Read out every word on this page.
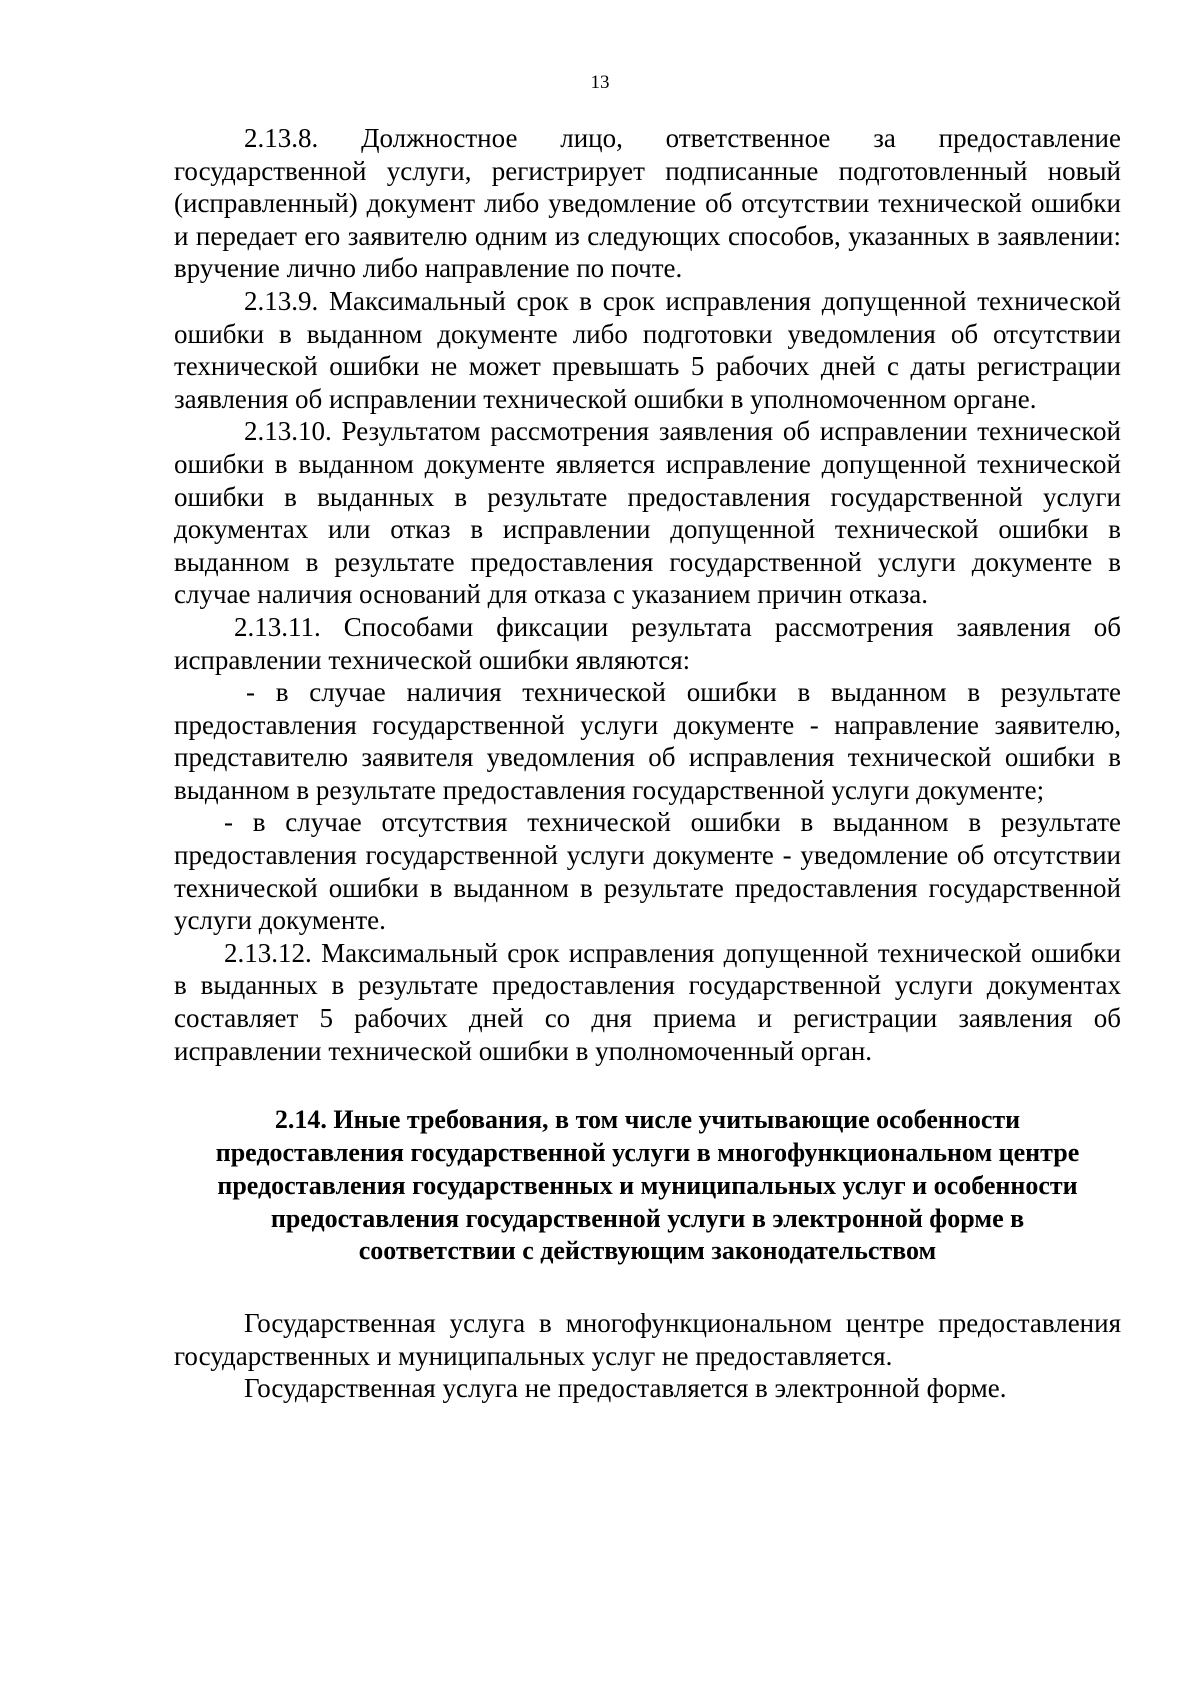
13

2.13.8. Должностное лицо, ответственное за предоставление государственной услуги, регистрирует подписанные подготовленный новый (исправленный) документ либо уведомление об отсутствии технической ошибки и передает его заявителю одним из следующих способов, указанных в заявлении: вручение лично либо направление по почте.

2.13.9. Максимальный срок в срок исправления допущенной технической ошибки в выданном документе либо подготовки уведомления об отсутствии технической ошибки не может превышать 5 рабочих дней с даты регистрации заявления об исправлении технической ошибки в уполномоченном органе.

2.13.10. Результатом рассмотрения заявления об исправлении технической ошибки в выданном документе является исправление допущенной технической ошибки в выданных в результате предоставления государственной услуги документах или отказ в исправлении допущенной технической ошибки в выданном в результате предоставления государственной услуги документе в случае наличия оснований для отказа с указанием причин отказа.

2.13.11. Способами фиксации результата рассмотрения заявления об исправлении технической ошибки являются:

- в случае наличия технической ошибки в выданном в результате предоставления государственной услуги документе - направление заявителю, представителю заявителя уведомления об исправления технической ошибки в выданном в результате предоставления государственной услуги документе;

- в случае отсутствия технической ошибки в выданном в результате предоставления государственной услуги документе - уведомление об отсутствии технической ошибки в выданном в результате предоставления государственной услуги документе.

2.13.12. Максимальный срок исправления допущенной технической ошибки в выданных в результате предоставления государственной услуги документах составляет 5 рабочих дней со дня приема и регистрации заявления об исправлении технической ошибки в уполномоченный орган.

2.14. Иные требования, в том числе учитывающие особенности предоставления государственной услуги в многофункциональном центре предоставления государственных и муниципальных услуг и особенности предоставления государственной услуги в электронной форме в соответствии с действующим законодательством

Государственная услуга в многофункциональном центре предоставления государственных и муниципальных услуг не предоставляется.

Государственная услуга не предоставляется в электронной форме.
